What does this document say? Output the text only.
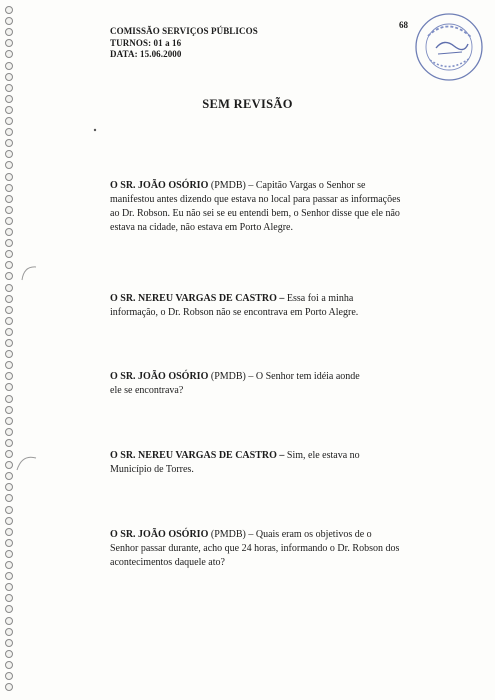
COMISSÃO SERVIÇOS PÚBLICOS
TURNOS: 01 a 16
DATA: 15.06.2000
68
SEM REVISÃO
O SR. JOÃO OSÓRIO (PMDB) – Capitão Vargas o Senhor se
manifestou antes dizendo que estava no local para passar as informações
ao Dr. Robson. Eu não sei se eu entendi bem, o Senhor disse que ele não
estava na cidade, não estava em Porto Alegre.
O SR. NEREU VARGAS DE CASTRO – Essa foi a minha
informação, o Dr. Robson não se encontrava em Porto Alegre.
O SR. JOÃO OSÓRIO (PMDB) – O Senhor tem idéia aonde
ele se encontrava?
O SR. NEREU VARGAS DE CASTRO – Sim, ele estava no
Município de Torres.
O SR. JOÃO OSÓRIO (PMDB) – Quais eram os objetivos de o
Senhor passar durante, acho que 24 horas, informando o Dr. Robson dos
acontecimentos daquele ato?
